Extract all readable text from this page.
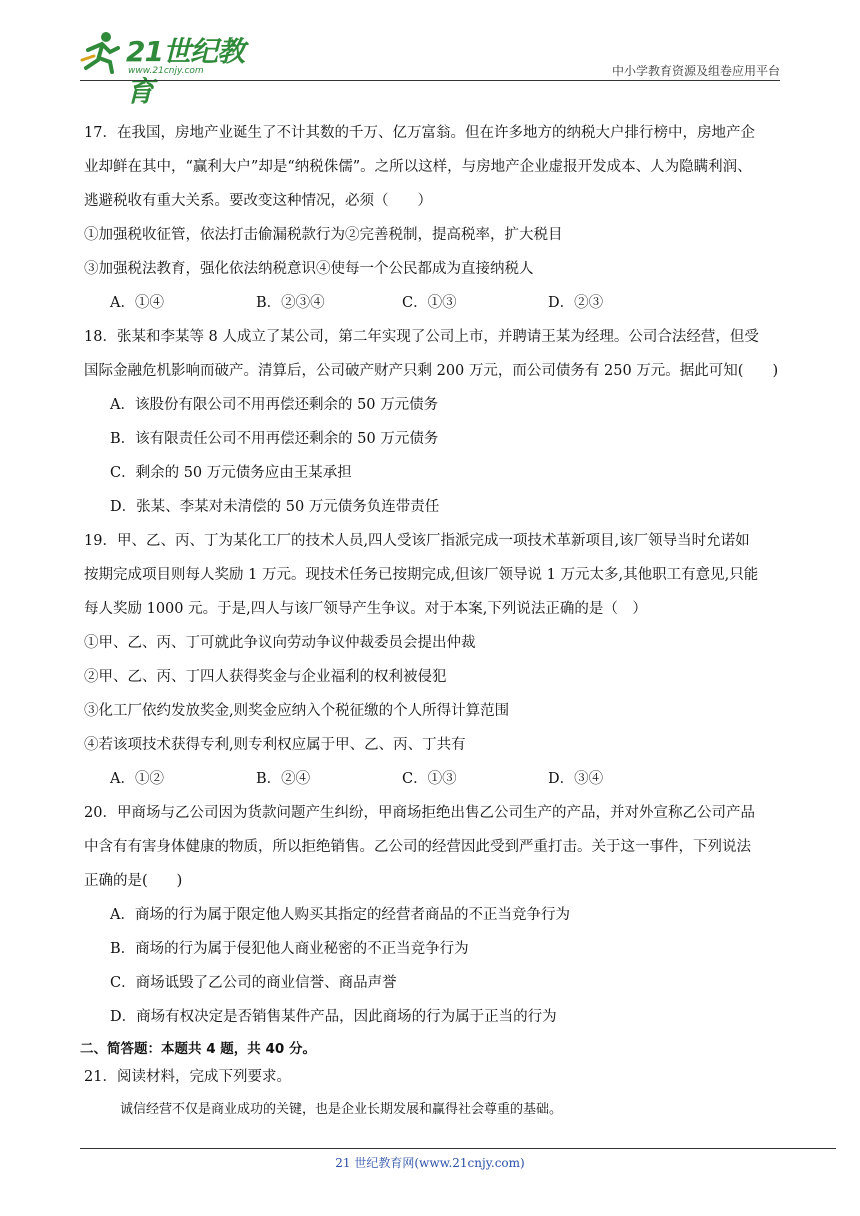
21世纪教育
www.21cnjy.com	中小学教育资源及组卷应用平台

17．在我国，房地产业诞生了不计其数的千万、亿万富翁。但在许多地方的纳税大户排行榜中，房地产企

业却鲜在其中，“赢利大户”却是“纳税侏儒”。之所以这样，与房地产企业虚报开发成本、人为隐瞒利润、

逃避税收有重大关系。要改变这种情况，必须（　　）

①加强税收征管，依法打击偷漏税款行为②完善税制，提高税率，扩大税目

③加强税法教育，强化依法纳税意识④使每一个公民都成为直接纳税人

A．①④	B．②③④	C．①③	D．②③

18．张某和李某等 8 人成立了某公司，第二年实现了公司上市，并聘请王某为经理。公司合法经营，但受

国际金融危机影响而破产。清算后，公司破产财产只剩 200 万元，而公司债务有 250 万元。据此可知(　　)

A．该股份有限公司不用再偿还剩余的 50 万元债务

B．该有限责任公司不用再偿还剩余的 50 万元债务

C．剩余的 50 万元债务应由王某承担

D．张某、李某对未清偿的 50 万元债务负连带责任

19．甲、乙、丙、丁为某化工厂的技术人员,四人受该厂指派完成一项技术革新项目,该厂领导当时允诺如

按期完成项目则每人奖励 1 万元。现技术任务已按期完成,但该厂领导说 1 万元太多,其他职工有意见,只能

每人奖励 1000 元。于是,四人与该厂领导产生争议。对于本案,下列说法正确的是（　）

①甲、乙、丙、丁可就此争议向劳动争议仲裁委员会提出仲裁

②甲、乙、丙、丁四人获得奖金与企业福利的权利被侵犯

③化工厂依约发放奖金,则奖金应纳入个税征缴的个人所得计算范围

④若该项技术获得专利,则专利权应属于甲、乙、丙、丁共有

A．①②	B．②④	C．①③	D．③④

20．甲商场与乙公司因为货款问题产生纠纷，甲商场拒绝出售乙公司生产的产品，并对外宣称乙公司产品

中含有有害身体健康的物质，所以拒绝销售。乙公司的经营因此受到严重打击。关于这一事件，下列说法

正确的是(　　)

A．商场的行为属于限定他人购买其指定的经营者商品的不正当竞争行为

B．商场的行为属于侵犯他人商业秘密的不正当竞争行为

C．商场诋毁了乙公司的商业信誉、商品声誉

D．商场有权决定是否销售某件产品，因此商场的行为属于正当的行为

二、简答题：本题共 4 题，共 40 分。

21．阅读材料，完成下列要求。

诚信经营不仅是商业成功的关键，也是企业长期发展和赢得社会尊重的基础。

21 世纪教育网(www.21cnjy.com)
